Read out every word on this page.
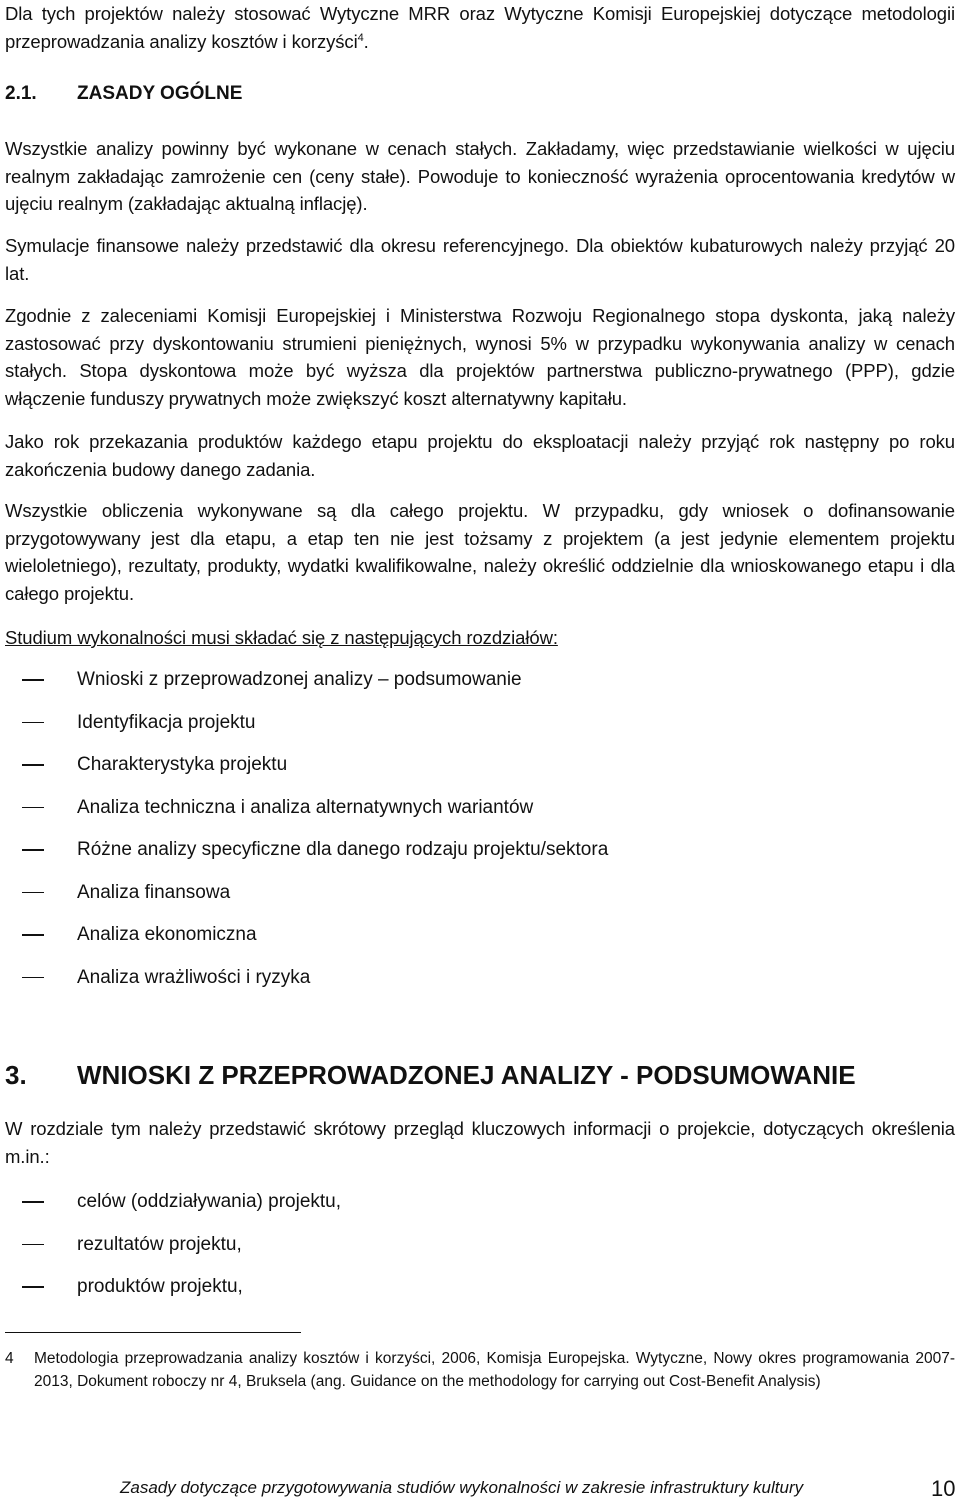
Dla tych projektów należy stosować Wytyczne MRR oraz Wytyczne Komisji Europejskiej dotyczące metodologii przeprowadzania analizy kosztów i korzyści$^4$.

2.1. ZASADY OGÓLNE

Wszystkie analizy powinny być wykonane w cenach stałych. Zakładamy, więc przedstawianie wielkości w ujęciu realnym zakładając zamrożenie cen (ceny stałe). Powoduje to konieczność wyrażenia oprocentowania kredytów w ujęciu realnym (zakładając aktualną inflację).

Symulacje finansowe należy przedstawić dla okresu referencyjnego. Dla obiektów kubaturowych należy przyjąć 20 lat.

Zgodnie z zaleceniami Komisji Europejskiej i Ministerstwa Rozwoju Regionalnego stopa dyskonta, jaką należy zastosować przy dyskontowaniu strumieni pieniężnych, wynosi 5% w przypadku wykonywania analizy w cenach stałych. Stopa dyskontowa może być wyższa dla projektów partnerstwa publiczno-prywatnego (PPP), gdzie włączenie funduszy prywatnych może zwiększyć koszt alternatywny kapitału.

Jako rok przekazania produktów każdego etapu projektu do eksploatacji należy przyjąć rok następny po roku zakończenia budowy danego zadania.

Wszystkie obliczenia wykonywane są dla całego projektu. W przypadku, gdy wniosek o dofinansowanie przygotowywany jest dla etapu, a etap ten nie jest tożsamy z projektem (a jest jedynie elementem projektu wieloletniego), rezultaty, produkty, wydatki kwalifikowalne, należy określić oddzielnie dla wnioskowanego etapu i dla całego projektu.

Studium wykonalności musi składać się z następujących rozdziałów:

Wnioski z przeprowadzonej analizy – podsumowanie
Identyfikacja projektu
Charakterystyka projektu
Analiza techniczna i analiza alternatywnych wariantów
Różne analizy specyficzne dla danego rodzaju projektu/sektora
Analiza finansowa
Analiza ekonomiczna
Analiza wrażliwości i ryzyka
3. WNIOSKI Z PRZEPROWADZONEJ ANALIZY - PODSUMOWANIE

W rozdziale tym należy przedstawić skrótowy przegląd kluczowych informacji o projekcie, dotyczących określenia m.in.:

celów (oddziaływania) projektu,
rezultatów projektu,
produktów projektu,

4 Metodologia przeprowadzania analizy kosztów i korzyści, 2006, Komisja Europejska. Wytyczne, Nowy okres programowania 2007-2013, Dokument roboczy nr 4, Bruksela (ang. Guidance on the methodology for carrying out Cost-Benefit Analysis)

Zasady dotyczące przygotowywania studiów wykonalności w zakresie infrastruktury kultury	10
